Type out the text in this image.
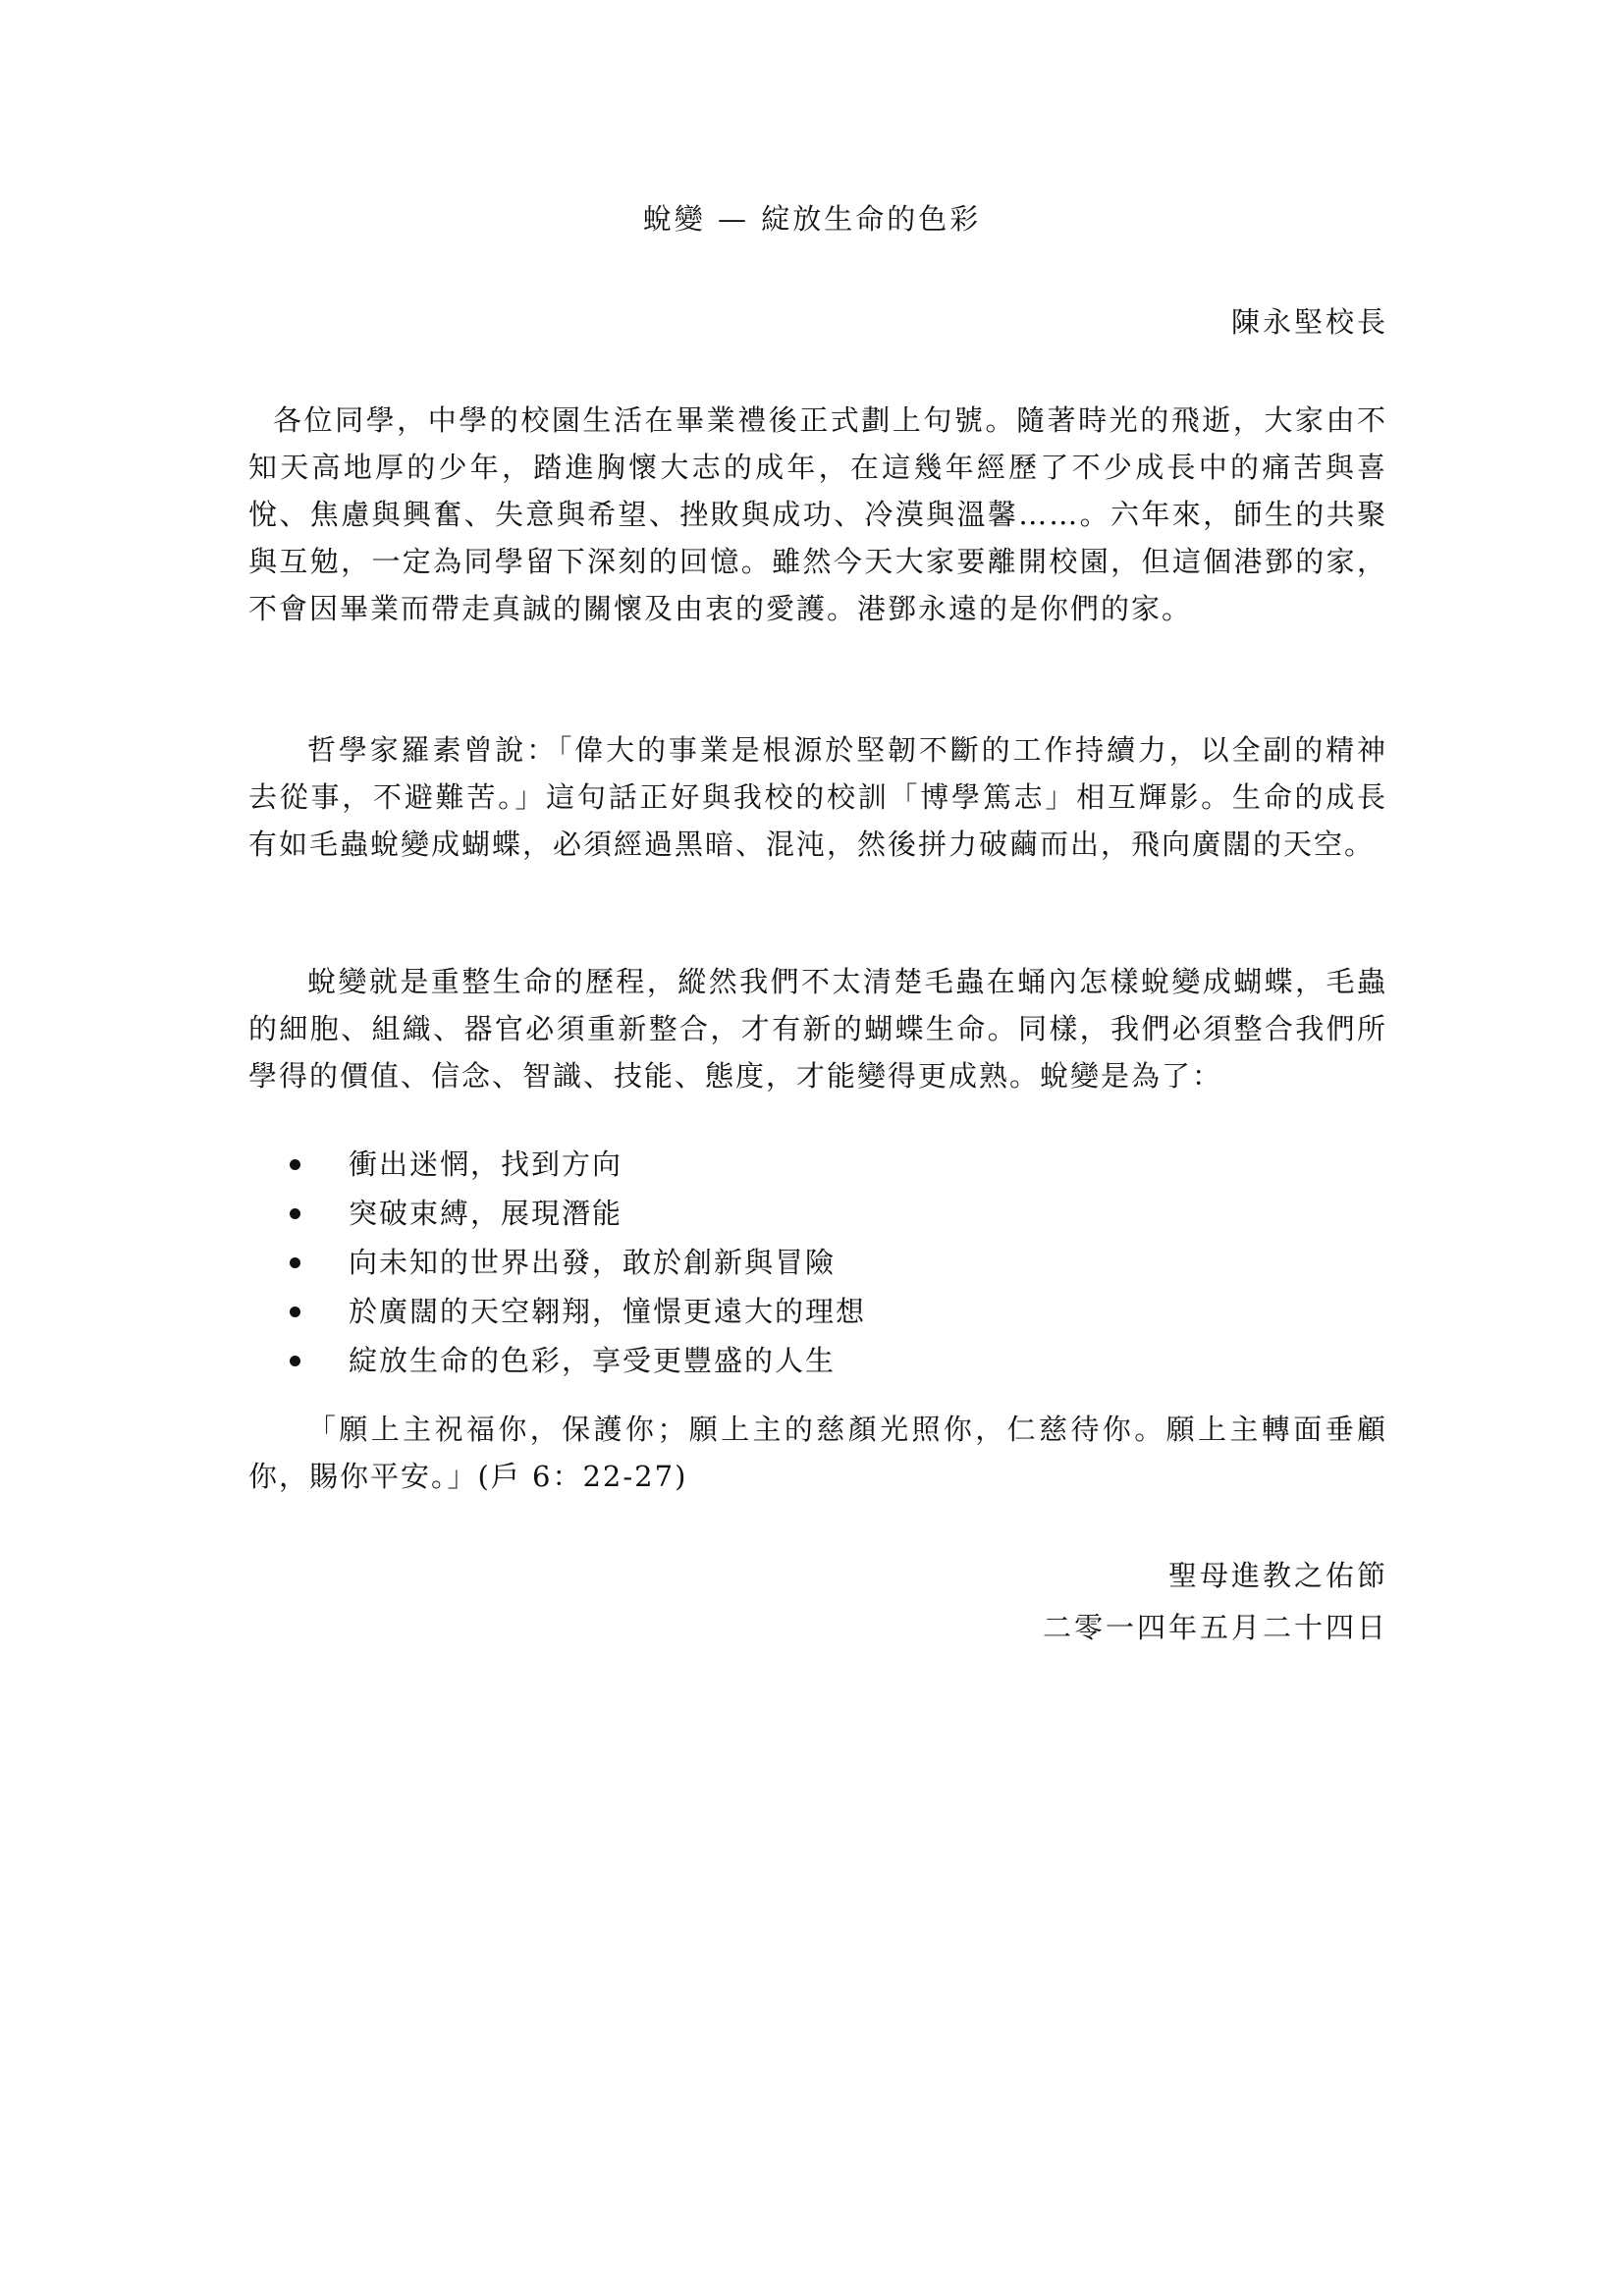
蛻變 — 綻放生命的色彩
陳永堅校長

各位同學，中學的校園生活在畢業禮後正式劃上句號。隨著時光的飛逝，大家由不知天高地厚的少年，踏進胸懷大志的成年，在這幾年經歷了不少成長中的痛苦與喜悅、焦慮與興奮、失意與希望、挫敗與成功、冷漠與溫馨……。六年來，師生的共聚與互勉，一定為同學留下深刻的回憶。雖然今天大家要離開校園，但這個港鄧的家，不會因畢業而帶走真誠的關懷及由衷的愛護。港鄧永遠的是你們的家。

哲學家羅素曾說：「偉大的事業是根源於堅韌不斷的工作持續力，以全副的精神去從事，不避難苦。」這句話正好與我校的校訓「博學篤志」相互輝影。生命的成長有如毛蟲蛻變成蝴蝶，必須經過黑暗、混沌，然後拼力破繭而出，飛向廣闊的天空。

蛻變就是重整生命的歷程，縱然我們不太清楚毛蟲在蛹內怎樣蛻變成蝴蝶，毛蟲的細胞、組織、器官必須重新整合，才有新的蝴蝶生命。同樣，我們必須整合我們所學得的價值、信念、智識、技能、態度，才能變得更成熟。蛻變是為了：

衝出迷惘，找到方向
突破束縛，展現潛能
向未知的世界出發，敢於創新與冒險
於廣闊的天空翱翔，憧憬更遠大的理想
綻放生命的色彩，享受更豐盛的人生

「願上主祝福你，保護你；願上主的慈顏光照你，仁慈待你。願上主轉面垂顧你，賜你平安。」(戶 6：22-27)

聖母進教之佑節
二零一四年五月二十四日
